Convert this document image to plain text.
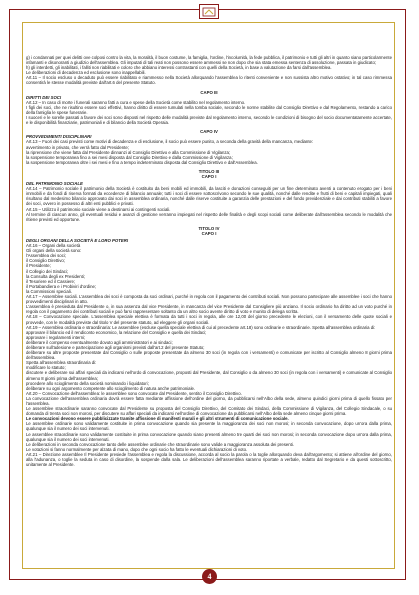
g) i condannati per quei delitti ove colposi contro la vita, la moralità, il buon costume, la famiglia, l'ordine, l'incolumità, la fede pubblica, il patrimonio e tutti gli altri in quanto siano particolarmente infamanti e disonoranti a giudizio dell'assemblea. Gli imputati di tali reati non possono essere ammessi se non dopo che sia stata emessa sentenza di assoluzione, passata in giudicato;
h) gli interdetti, gli inabilitati, i falliti non riabilitati e coloro che abbiano interessi contrastanti con quelli della Società, in base a valutazione da farsi dall'assemblea.
Le deliberazioni di decadenza ed esclusione sono inappellabili.
Art.11 – Il socio escluso o decaduto può essere riabilitato e riammesso nella Società allorquando l'assemblea lo ritenti conveniente e non sussista altro motivo ostativo; in tal caso rimmessa consentirà le stesse modalità previste dall'art.6 del presente Statuto.
CAPO III
DIRITTI DEI SOCI
Art.12 – In caso di morte i funerali saranno fatti a cura e spese della Società come stabilito nel regolamento interno.
I figli dei soci, che ne risultino essere soci effettivi, hanno diritto di essere tumulati nella tomba sociale, secondo le norme stabilite dal Consiglio Direttivo e dal Regolamento, restando a carico della famiglia le spese funerarie.
I suoceri e le sorelle passati a favore dei soci sono disposti nel rispetto delle modalità previste dal regolamento interno, secondo le condizioni di bisogno del socio documentatamente accertate, e le disponibilità finanziarie, patrimoniali e di bilancio della Società Operaia.
CAPO IV
PROVVEDIMENTI DISCIPLINARI
Art.13 – Fuori dei casi previsti come motivi di decadenza e di esclusione, il socio può essere punito, a seconda della gravità della mancanza, mediante:
avvertimento in privato, che verrà fatto dal Presidente;
la riprensione che viene fatta dal Presidente dinnanzi al Consiglio Direttivo e alla Commissione di Vigilanza;
la sospensione temporanea fino a sei mesi disposta dal Consiglio Direttivo e dalla Commissione di Vigilanza;
la sospensione temporanea oltre i sei mesi e fino a tempo indeterminato disposta dal Consiglio Direttivo e dall'Assemblea.
TITOLO III
CAPO I
DEL PATRIMONIO SOCIALE
Art.14 – Patrimonio sociale il patrimonio della Società è costituito da beni mobili ed immobili, da lasciti e donazioni conseguiti per un fine determinato aventi a contenuto erogato per i beni immobili e da fondi di riserva formati da eccedenze di bilancio annuale; tutti i soci di essere sottoscrivono secondo le sue qualità, nonché dalle rendite e frutti di beni e capitali impiegati, quali risultano dal medesimo bilancio approvato dai soci in assemblea ordinaria, nonché dalle riserve costituite a garanzia delle prestazioni e del fondo previdenziale e dai contributi stabiliti a favore dei soci, ovvero in possesso di altri enti pubblici e privati.
Art.15 – Utilizzo il patrimonio sociale viene a destinarsi ai contingenti sociali.
Al termine di ciascun anno, gli eventuali residui e avanzi di gestione verranno impiegati nel rispetto delle finalità e degli scopi sociali come deliberate dall'assemblea secondo le modalità che ritiene previsti ed opportune.
TITOLO IV
CAPO I
DEGLI ORGANI DELLA SOCIETÀ E LORO POTERI
Art.16 – Organi della società
Gli organi della società sono:
l'Assemblea dei soci;
il Consiglio Direttivo;
il Presidente;
il Collegio dei Sindaci;
la Consulta degli ex Presidenti;
il Tesoriere ed il Cassiere;
il Portabandiera e i Probiviri d'ordine;
la Commissioni speciali.
Art.17 – Assemblee sociali. L'assemblea dei soci è composta da soci ordinari, purché in regola con il pagamento dei contributi sociali. Non possono partecipare alle assemblee i soci che hanno provvedimenti disciplinari in atto.
L'assemblea è presieduta dal Presidente o, in sua assenza dal vice Presidente, in mancanza del vice Presidente dal Consigliere più anziano. Il socio ordinario ha diritto ad un voto purché in regola con il pagamento dei contributi sociali e può farsi rappresentare soltanto da un altro socio avente diritto di voto e munito di delega scritta.
Art.18 – Convocazione speciale. L'assemblea speciale elettiva è formata da tutti i soci in regola, alle ore 12,00 del giorno precedente le elezioni, con il versamento delle quote sociali e provvede, con le modalità previste dal titolo V del presente statuto, ad eleggere gli organi sociali.
Art.19 – Assemblea ordinaria e straordinaria: Le assemblee (escluse quella speciale elettiva di cui al precedente art.18) sono ordinarie e straordinarie. Spetta all'assemblea ordinaria di:
approvare il bilancio ed il rendiconto economico, la relazione del Consiglio e quella dei Sindaci;
approvare i regolamenti interni;
deliberare il compenso eventualmente dovuto agli amministratori e ai sindaci;
deliberare sull'adesione e partecipazione agli organismi previsti dall'art.2 del presente Statuto;
deliberare su altre proposte presentate dal Consiglio o sulle proposte presentate da almeno 30 soci (in regola con i versamenti) e comunicate per iscritto al Consiglio almeno 8 giorni prima dell'assemblea.
Spetta all'assemblea straordinaria di:
modificare lo statuto;
discutere e deliberare sui affari speciali da indicarsi nell'ordo di convocazione, proposti dal Presidente, dal Consiglio o da almeno 30 soci (in regola con i versamenti) e comunicate al Consiglio almeno 8 giorni prima dell'assemblea;
procedere allo scioglimento della società nominando i liquidatori;
deliberare su ogni argomento competente allo scioglimento di natura anche patrimoniale.
Art.20 – Convocazione dell'assemblea: le assemblee sono convocate dal Presidente, sentito il Consiglio Direttivo.
La convocazione dell'assemblea ordinaria dovrà essere fatta mediante affissione dell'ordine del giorno, da pubblicarsi nell'Albo della sede, almeno quindici giorni prima di quello fissato per l'assemblea.
Le assemblee straordinarie saranno convocate dal Presidente su proposta del Consiglio Direttivo, del Comitato dei Sindaci, della Commissione di Vigilanza, del Collegio Sindacale, o su domanda di trenta soci non morosi, per discutere su affari speciali da indicarsi nell'ordine di convocazione da pubblicarsi nell'Albo della sede almeno cinque giorni prima.
Le convocazioni devono essere pubblicizzate tramite affissione di manifesti murali e gli altri strumenti di comunicazione sociale.
Le assemblee ordinarie sono validamente costituite in prima convocazione quando sia presente la maggioranza dei soci non morosi; in seconda convocazione, dopo un'ora dalla prima, qualunque sia il numero dei soci intervenuti.
Le assemblee straordinarie sono validamente costituite in prima convocazione quando siano presenti almeno tre quarti dei soci non morosi; in seconda convocazione dopo un'ora dalla prima, qualunque sia il numero dei soci intervenuti.
Le deliberazioni in seconda convocazione tanto delle assemblee ordinarie che straordinarie sono valide a maggioranza assoluta dei presenti.
Le votazioni si fanno normalmente per alzata di mano, dopo che ogni socio ha fatto le eventuali dichiarazioni di voto.
Art.21 – Direzione assemblee Il Presidente presiede l'assemblea e regola la discussione, accorda al socio la parola o la toglie allorquando deva dall'argomento; si attiene all'ordine del giorno, alla l'adunanza, o toglie la seduta in caso di disordine, la sospende dalla sala. Le deliberazioni dell'assemblea saranno riportate a verbale, redatto dal Segretario e da questi sottoscritto, unitamente al Presidente.
4
